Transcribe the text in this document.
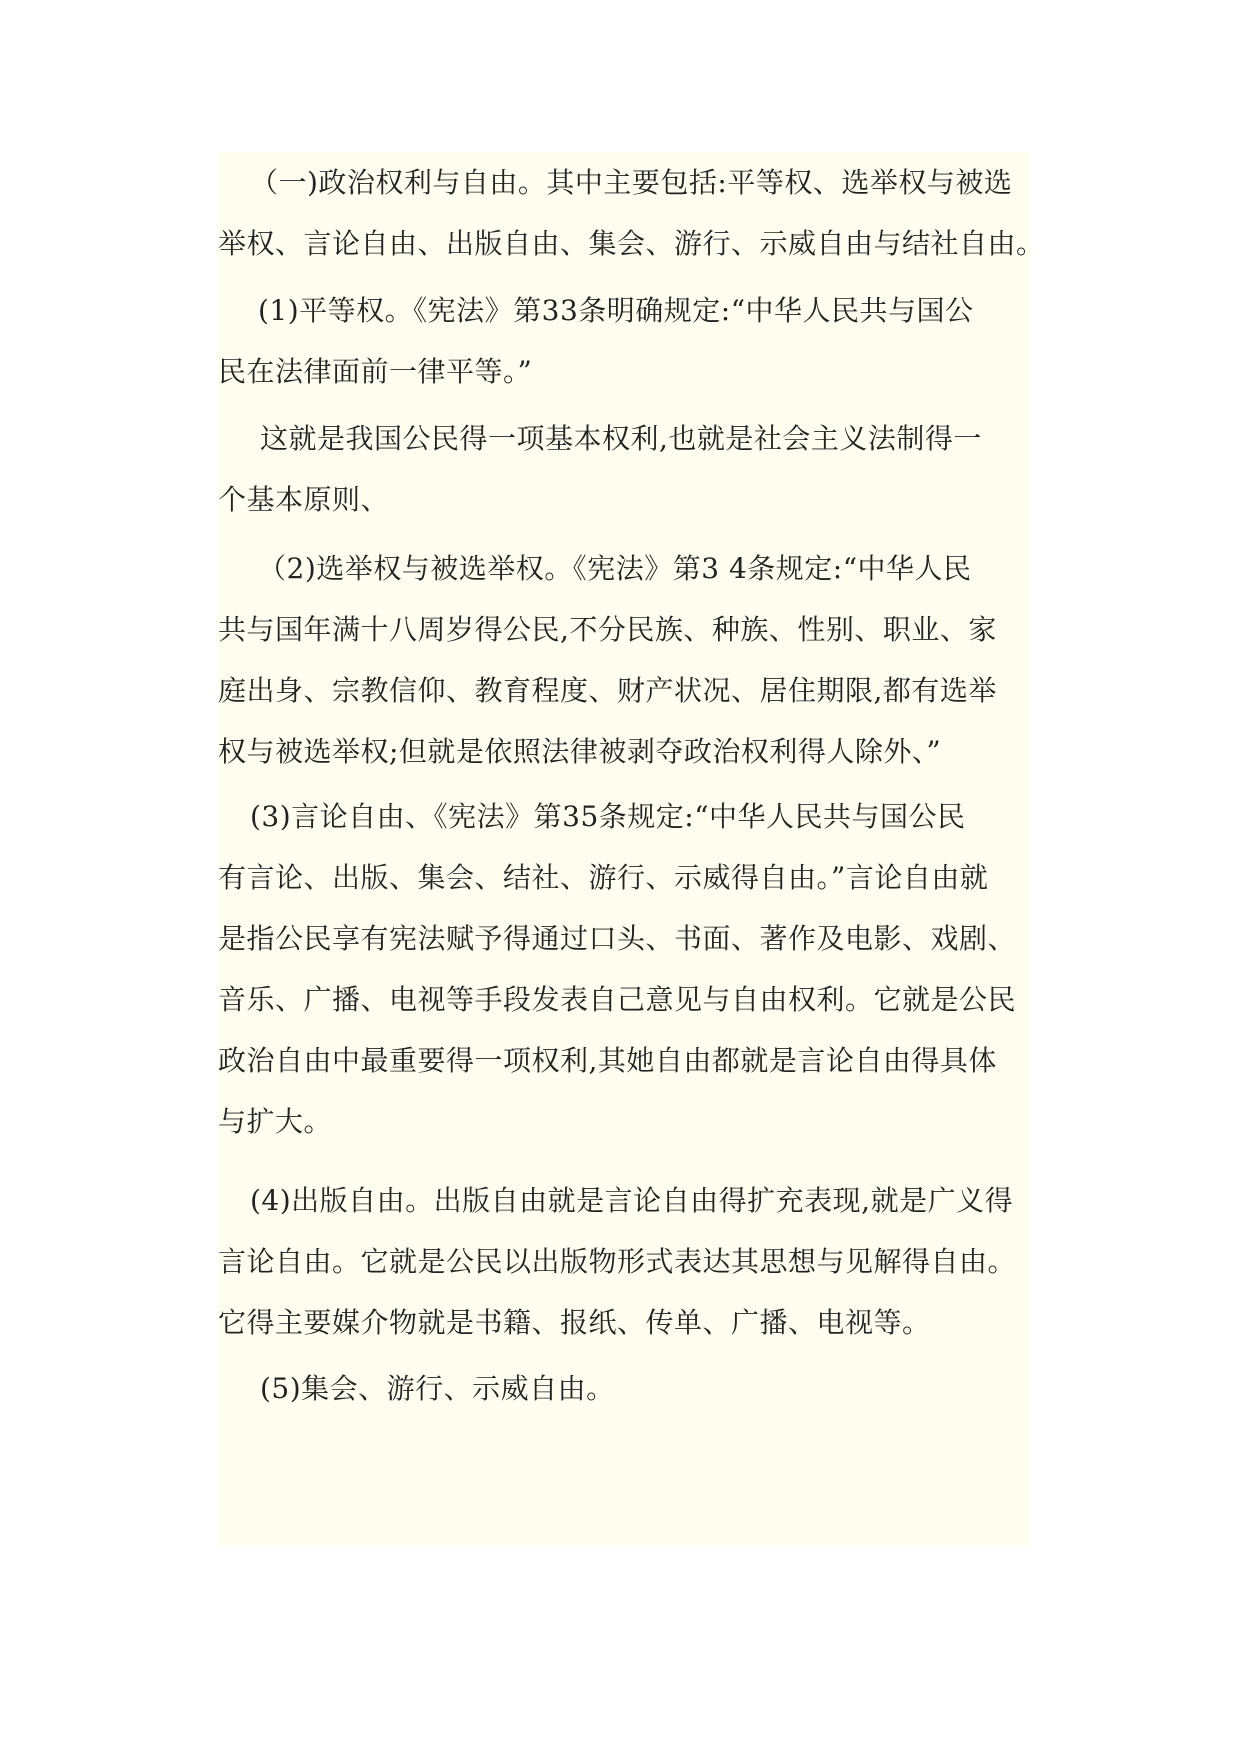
（一)政治权利与自由。其中主要包括:平等权、选举权与被选
举权、言论自由、出版自由、集会、游行、示威自由与结社自由。

(1)平等权。《宪法》第33条明确规定:“中华人民共与国公
民在法律面前一律平等。”

这就是我国公民得一项基本权利,也就是社会主义法制得一
个基本原则、

（2)选举权与被选举权。《宪法》第3 4条规定:“中华人民
共与国年满十八周岁得公民,不分民族、种族、性别、职业、家
庭出身、宗教信仰、教育程度、财产状况、居住期限,都有选举
权与被选举权;但就是依照法律被剥夺政治权利得人除外、”

(3)言论自由、《宪法》第35条规定:“中华人民共与国公民
有言论、出版、集会、结社、游行、示威得自由。”言论自由就
是指公民享有宪法赋予得通过口头、书面、著作及电影、戏剧、
音乐、广播、电视等手段发表自己意见与自由权利。它就是公民
政治自由中最重要得一项权利,其她自由都就是言论自由得具体
与扩大。

(4)出版自由。出版自由就是言论自由得扩充表现,就是广义得
言论自由。它就是公民以出版物形式表达其思想与见解得自由。
它得主要媒介物就是书籍、报纸、传单、广播、电视等。

(5)集会、游行、示威自由。
